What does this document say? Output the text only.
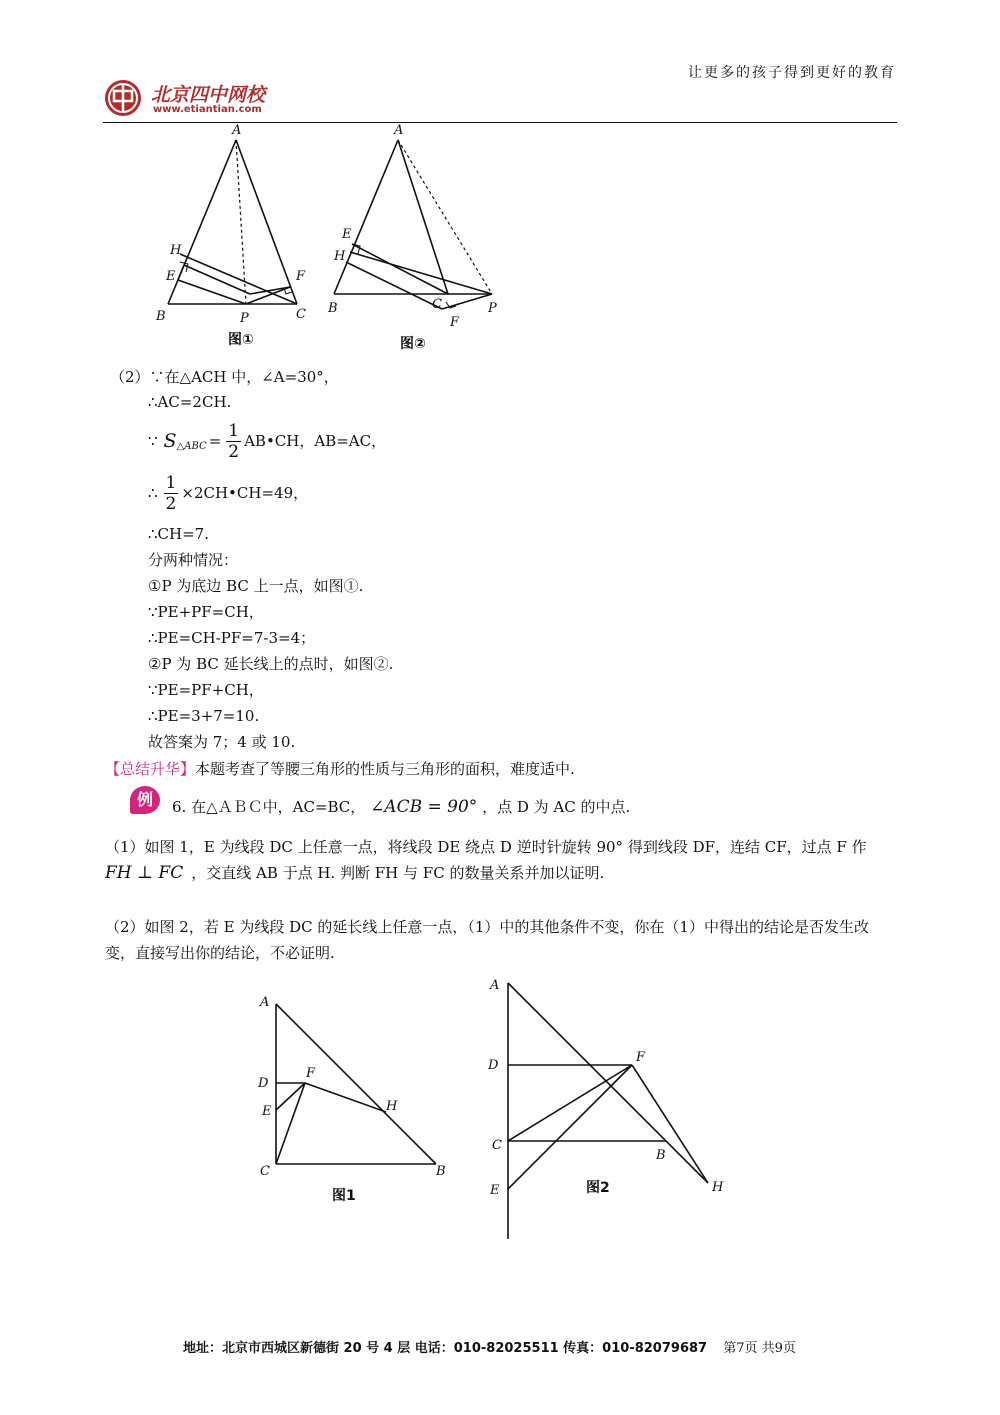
北京四中网校
www.etiantian.com
让更多的孩子得到更好的教育
A
H
E	F
B	P	C
图①
A
E
H
B	C
F
P
图②
（2）∵在△ACH 中，∠A=30°，
∴AC=2CH.
∵ S △ABC = $\frac{1}{2}$ AB•CH，AB=AC，
∴ $\frac{1}{2}$ ×2CH•CH=49，
∴CH=7.
分两种情况：
①P 为底边 BC 上一点，如图①.
∵PE+PF=CH，
∴PE=CH-PF=7-3=4；
②P 为 BC 延长线上的点时，如图②.
∵PE=PF+CH，
∴PE=3+7=10.
故答案为 7；4 或 10.
【总结升华】本题考查了等腰三角形的性质与三角形的面积，难度适中.
例	6. 在△ＡＢＣ中，AC=BC， ∠ACB = 90° ，点 D 为 AC 的中点.
（1）如图 1，E 为线段 DC 上任意一点，将线段 DE 绕点 D 逆时针旋转 90° 得到线段 DF，连结 CF，过点 F 作
FH ⊥ FC ，交直线 AB 于点 H. 判断 FH 与 FC 的数量关系并加以证明.
（2）如图 2，若 E 为线段 DC 的延长线上任意一点，（1）中的其他条件不变，你在（1）中得出的结论是否发生改变，直接写出你的结论，不必证明.
A
D
E
F
H
C	B
图1
A
D
F
C
B
E	H
图2
地址：北京市西城区新德街 20 号 4 层 电话：010-82025511 传真：010-82079687 第7页 共9页
